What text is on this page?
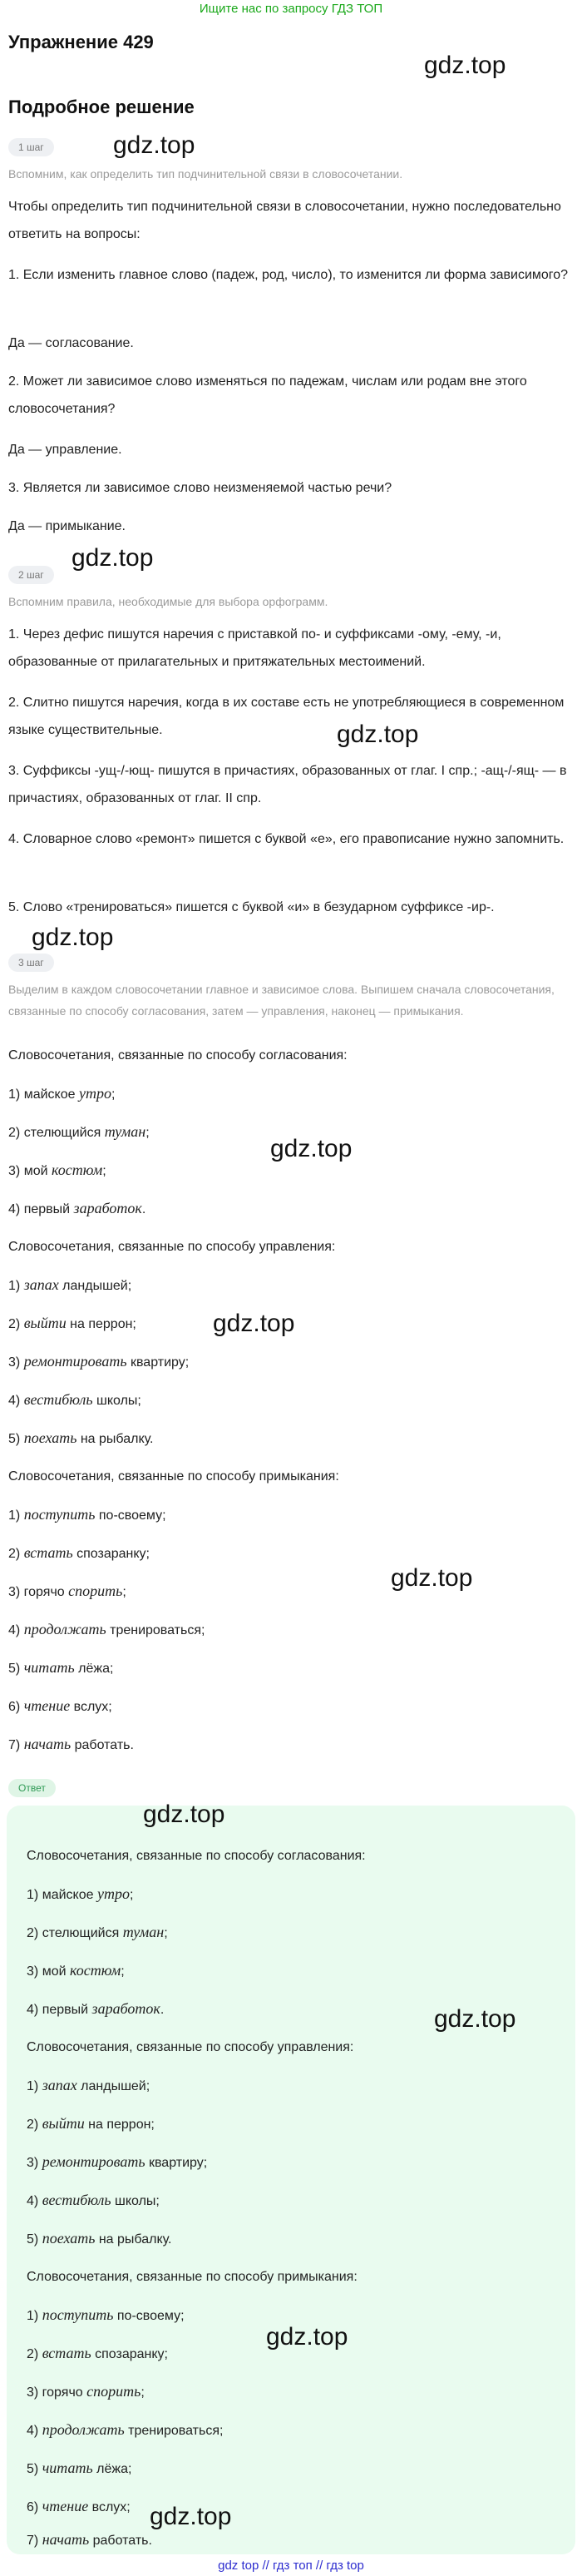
Ищите нас по запросу ГДЗ ТОП
Упражнение 429
gdz.top
Подробное решение
1 шаг	gdz.top
Вспомним, как определить тип подчинительной связи в словосочетании.
Чтобы определить тип подчинительной связи в словосочетании, нужно последовательно ответить на вопросы:
1. Если изменить главное слово (падеж, род, число), то изменится ли форма зависимого?
Да — согласование.
2. Может ли зависимое слово изменяться по падежам, числам или родам вне этого словосочетания?
Да — управление.
3. Является ли зависимое слово неизменяемой частью речи?
Да — примыкание.
gdz.top
2 шаг
Вспомним правила, необходимые для выбора орфограмм.
1. Через дефис пишутся наречия с приставкой по- и суффиксами -ому, -ему, -и, образованные от прилагательных и притяжательных местоимений.
2. Слитно пишутся наречия, когда в их составе есть не употребляющиеся в современном языке существительные.	gdz.top
3. Суффиксы -ущ-/-ющ- пишутся в причастиях, образованных от глаг. I спр.; -ащ-/-ящ- — в причастиях, образованных от глаг. II спр.
4. Словарное слово «ремонт» пишется с буквой «е», его правописание нужно запомнить.
5. Слово «тренироваться» пишется с буквой «и» в безударном суффиксе -ир-.
gdz.top
3 шаг
Выделим в каждом словосочетании главное и зависимое слова. Выпишем сначала словосочетания, связанные по способу согласования, затем — управления, наконец — примыкания.
Словосочетания, связанные по способу согласования:
1) майское утро;
2) стелющийся туман;
gdz.top
3) мой костюм;
4) первый заработок.
Словосочетания, связанные по способу управления:
1) запах ландышей;
2) выйти на перрон;	gdz.top
3) ремонтировать квартиру;
4) вестибюль школы;
5) поехать на рыбалку.
Словосочетания, связанные по способу примыкания:
1) поступить по-своему;
2) встать спозаранку;
gdz.top
3) горячо спорить;
4) продолжать тренироваться;
5) читать лёжа;
6) чтение вслух;
7) начать работать.
Ответ
gdz.top
Словосочетания, связанные по способу согласования:
1) майское утро;
2) стелющийся туман;
3) мой костюм;
4) первый заработок.	gdz.top
Словосочетания, связанные по способу управления:
1) запах ландышей;
2) выйти на перрон;
3) ремонтировать квартиру;
4) вестибюль школы;
5) поехать на рыбалку.
Словосочетания, связанные по способу примыкания:
1) поступить по-своему;
gdz.top
2) встать спозаранку;
3) горячо спорить;
4) продолжать тренироваться;
5) читать лёжа;
6) чтение вслух; gdz.top
7) начать работать.
gdz top // гдз топ // гдз top
